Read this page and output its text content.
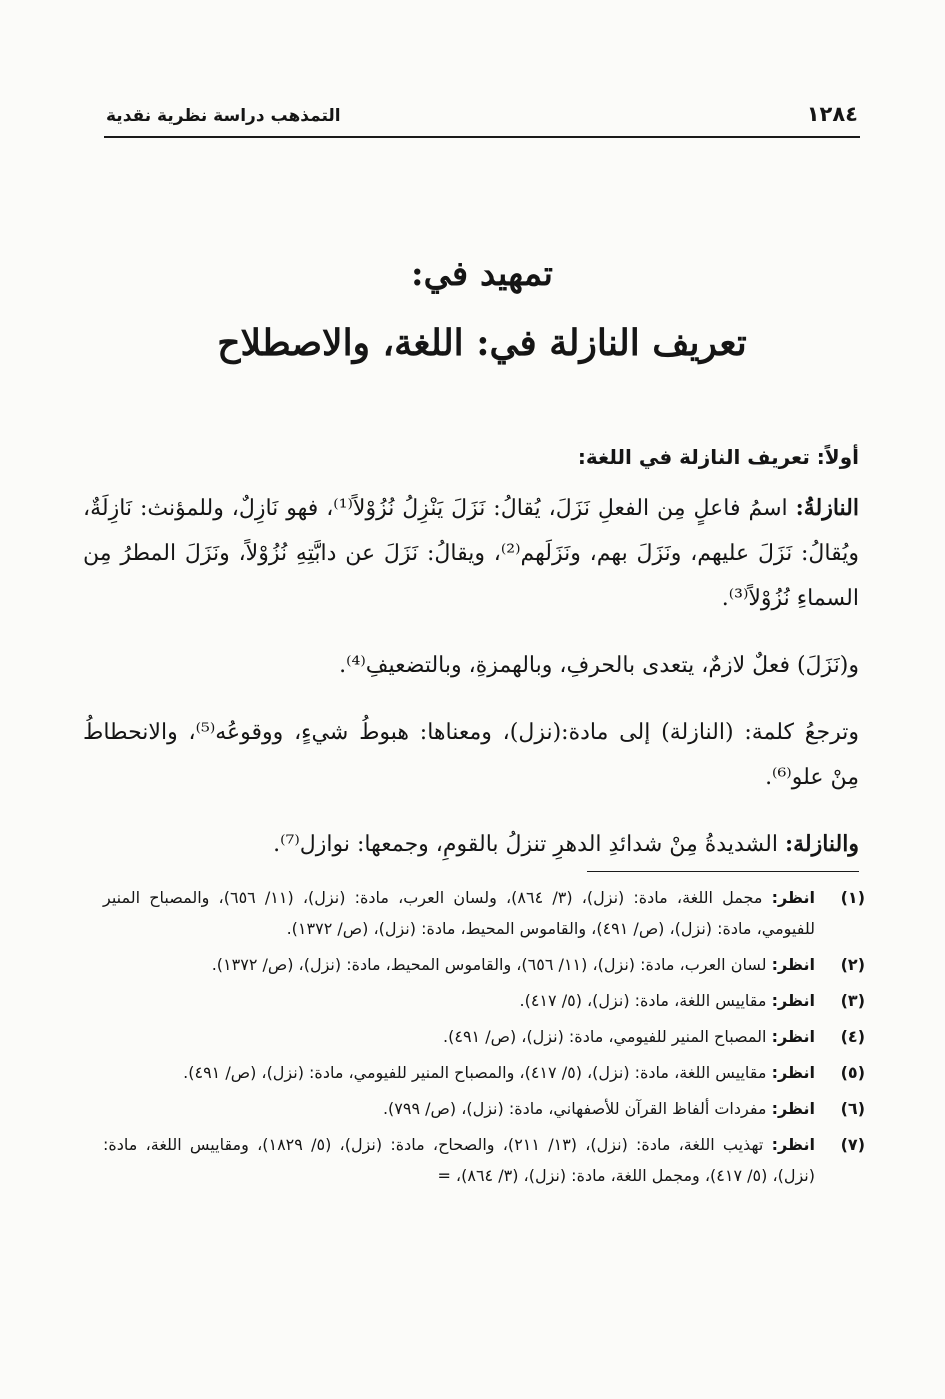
١٢٨٤
التمذهب دراسة نظرية نقدية
تمهيد في:
تعريف النازلة في: اللغة، والاصطلاح
أولاً: تعريف النازلة في اللغة:

النازلةُ: اسمُ فاعلٍ مِن الفعلِ نَزَلَ، يُقالُ: نَزَلَ يَنْزِلُ نُزُوْلاً⁽¹⁾، فهو نَازِلٌ، وللمؤنث: نَازِلَةٌ، ويُقالُ: نَزَلَ عليهم، ونَزَلَ بهم، ونَزَلَهم⁽²⁾، ويقالُ: نَزَلَ عن دابَّتِهِ نُزُوْلاً، ونَزَلَ المطرُ مِن السماءِ نُزُوْلاً⁽³⁾.

و(نَزَلَ) فعلٌ لازمٌ، يتعدى بالحرفِ، وبالهمزةِ، وبالتضعيفِ⁽⁴⁾.

وترجعُ كلمة: (النازلة) إلى مادة:(نزل)، ومعناها: هبوطُ شيءٍ، ووقوعُه⁽⁵⁾، والانحطاطُ مِنْ علو⁽⁶⁾.

والنازلة: الشديدةُ مِنْ شدائدِ الدهرِ تنزلُ بالقومِ، وجمعها: نوازل⁽⁷⁾.

(١)
انظر: مجمل اللغة، مادة: (نزل)، (٣/ ٨٦٤)، ولسان العرب، مادة: (نزل)، (١١/ ٦٥٦)، والمصباح المنير للفيومي، مادة: (نزل)، (ص/ ٤٩١)، والقاموس المحيط، مادة: (نزل)، (ص/ ١٣٧٢).
(٢)
انظر: لسان العرب، مادة: (نزل)، (١١/ ٦٥٦)، والقاموس المحيط، مادة: (نزل)، (ص/ ١٣٧٢).
(٣)
انظر: مقاييس اللغة، مادة: (نزل)، (٥/ ٤١٧).
(٤)
انظر: المصباح المنير للفيومي، مادة: (نزل)، (ص/ ٤٩١).
(٥)
انظر: مقاييس اللغة، مادة: (نزل)، (٥/ ٤١٧)، والمصباح المنير للفيومي، مادة: (نزل)، (ص/ ٤٩١).
(٦)
انظر: مفردات ألفاظ القرآن للأصفهاني، مادة: (نزل)، (ص/ ٧٩٩).
(٧)
انظر: تهذيب اللغة، مادة: (نزل)، (١٣/ ٢١١)، والصحاح، مادة: (نزل)، (٥/ ١٨٢٩)، ومقاييس اللغة، مادة: (نزل)، (٥/ ٤١٧)، ومجمل اللغة، مادة: (نزل)، (٣/ ٨٦٤)، =
